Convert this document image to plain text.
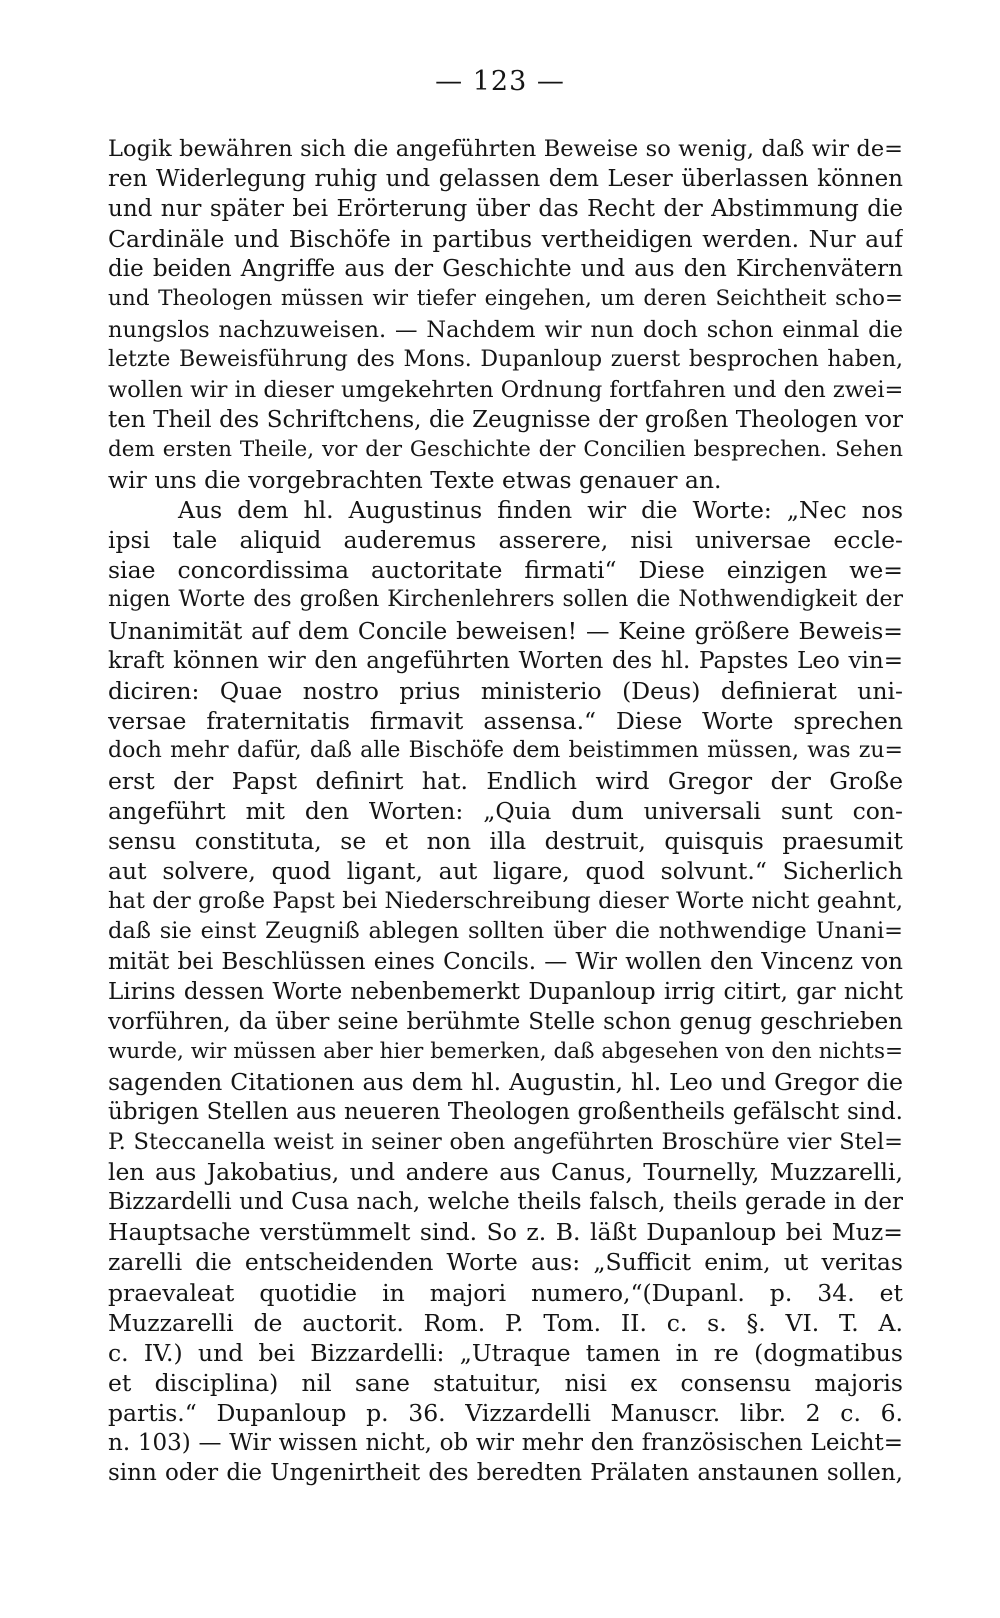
— 123 —
Logik bewähren sich die angeführten Beweise so wenig, daß wir de=
ren Widerlegung ruhig und gelassen dem Leser überlassen können
und nur später bei Erörterung über das Recht der Abstimmung die
Cardinäle und Bischöfe in partibus vertheidigen werden. Nur auf
die beiden Angriffe aus der Geschichte und aus den Kirchenvätern
und Theologen müssen wir tiefer eingehen, um deren Seichtheit scho=
nungslos nachzuweisen. — Nachdem wir nun doch schon einmal die
letzte Beweisführung des Mons. Dupanloup zuerst besprochen haben,
wollen wir in dieser umgekehrten Ordnung fortfahren und den zwei=
ten Theil des Schriftchens, die Zeugnisse der großen Theologen vor
dem ersten Theile, vor der Geschichte der Concilien besprechen. Sehen
wir uns die vorgebrachten Texte etwas genauer an.
Aus dem hl. Augustinus finden wir die Worte: „Nec nos
ipsi tale aliquid auderemus asserere, nisi universae eccle-
siae concordissima auctoritate firmati“ Diese einzigen we=
nigen Worte des großen Kirchenlehrers sollen die Nothwendigkeit der
Unanimität auf dem Concile beweisen! — Keine größere Beweis=
kraft können wir den angeführten Worten des hl. Papstes Leo vin=
diciren: Quae nostro prius ministerio (Deus) definierat uni-
versae fraternitatis firmavit assensa.“ Diese Worte sprechen
doch mehr dafür, daß alle Bischöfe dem beistimmen müssen, was zu=
erst der Papst definirt hat. Endlich wird Gregor der Große
angeführt mit den Worten: „Quia dum universali sunt con-
sensu constituta, se et non illa destruit, quisquis praesumit
aut solvere, quod ligant, aut ligare, quod solvunt.“ Sicherlich
hat der große Papst bei Niederschreibung dieser Worte nicht geahnt,
daß sie einst Zeugniß ablegen sollten über die nothwendige Unani=
mität bei Beschlüssen eines Concils. — Wir wollen den Vincenz von
Lirins dessen Worte nebenbemerkt Dupanloup irrig citirt, gar nicht
vorführen, da über seine berühmte Stelle schon genug geschrieben
wurde, wir müssen aber hier bemerken, daß abgesehen von den nichts=
sagenden Citationen aus dem hl. Augustin, hl. Leo und Gregor die
übrigen Stellen aus neueren Theologen großentheils gefälscht sind.
P. Steccanella weist in seiner oben angeführten Broschüre vier Stel=
len aus Jakobatius, und andere aus Canus, Tournelly, Muzzarelli,
Bizzardelli und Cusa nach, welche theils falsch, theils gerade in der
Hauptsache verstümmelt sind. So z. B. läßt Dupanloup bei Muz=
zarelli die entscheidenden Worte aus: „Sufficit enim, ut veritas
praevaleat quotidie in majori numero,“(Dupanl. p. 34. et
Muzzarelli de auctorit. Rom. P. Tom. II. c. s. §. VI. T. A.
c. IV.) und bei Bizzardelli: „Utraque tamen in re (dogmatibus
et disciplina) nil sane statuitur, nisi ex consensu majoris
partis.“ Dupanloup p. 36. Vizzardelli Manuscr. libr. 2 c. 6.
n. 103) — Wir wissen nicht, ob wir mehr den französischen Leicht=
sinn oder die Ungenirtheit des beredten Prälaten anstaunen sollen,
